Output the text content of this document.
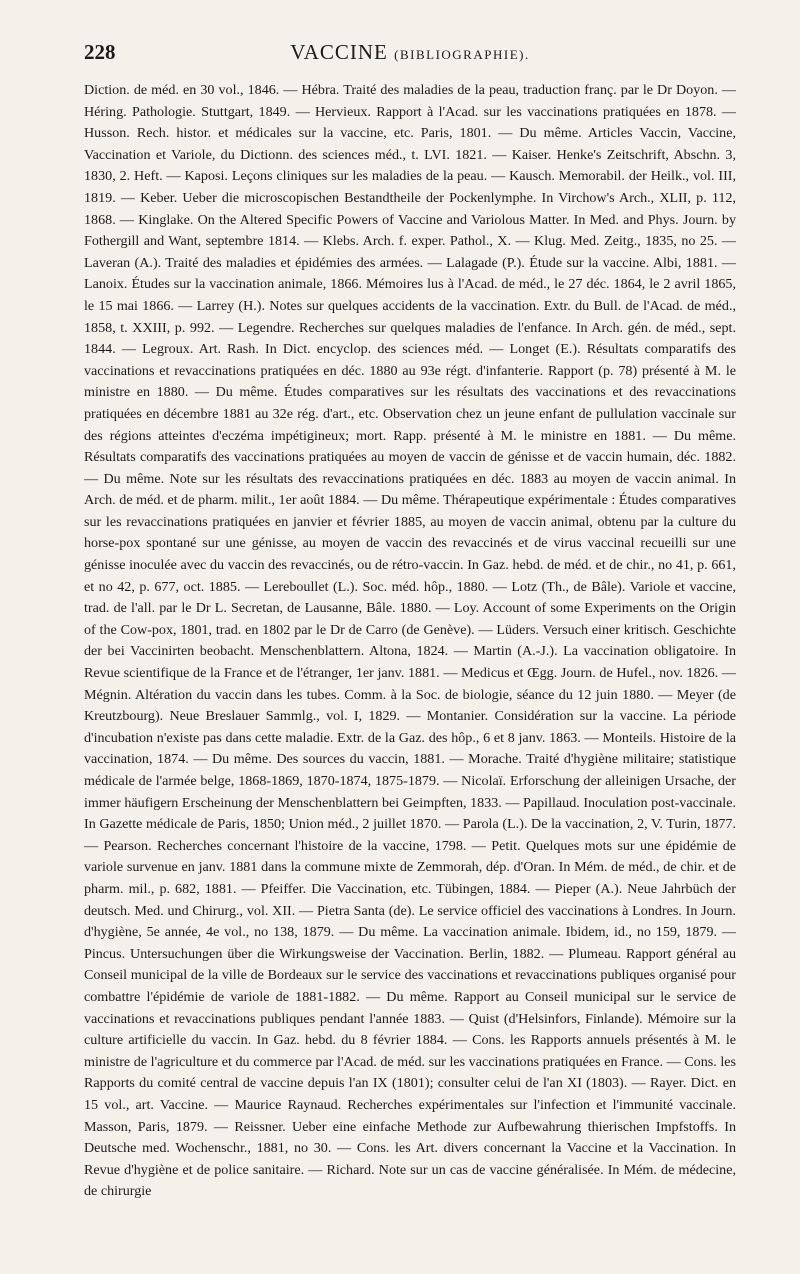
228	VACCINE (BIBLIOGRAPHIE).

Diction. de méd. en 30 vol., 1846. — Hébra. Traité des maladies de la peau, traduction franç. par le Dr Doyon. — Héring. Pathologie. Stuttgart, 1849. — Hervieux. Rapport à l'Acad. sur les vaccinations pratiquées en 1878. — Husson. Rech. histor. et médicales sur la vaccine, etc. Paris, 1801. — Du même. Articles Vaccin, Vaccine, Vaccination et Variole, du Dictionn. des sciences méd., t. LVI. 1821. — Kaiser. Henke's Zeitschrift, Abschn. 3, 1830, 2. Heft. — Kaposi. Leçons cliniques sur les maladies de la peau. — Kausch. Memorabil. der Heilk., vol. III, 1819. — Keber. Ueber die microscopischen Bestandtheile der Pockenlymphe. In Virchow's Arch., XLII, p. 112, 1868. — Kinglake. On the Altered Specific Powers of Vaccine and Variolous Matter. In Med. and Phys. Journ. by Fothergill and Want, septembre 1814. — Klebs. Arch. f. exper. Pathol., X. — Klug. Med. Zeitg., 1835, no 25. — Laveran (A.). Traité des maladies et épidémies des armées. — Lalagade (P.). Étude sur la vaccine. Albi, 1881. — Lanoix. Études sur la vaccination animale, 1866. Mémoires lus à l'Acad. de méd., le 27 déc. 1864, le 2 avril 1865, le 15 mai 1866. — Larrey (H.). Notes sur quelques accidents de la vaccination. Extr. du Bull. de l'Acad. de méd., 1858, t. XXIII, p. 992. — Legendre. Recherches sur quelques maladies de l'enfance. In Arch. gén. de méd., sept. 1844. — Legroux. Art. Rash. In Dict. encyclop. des sciences méd. — Longet (E.). Résultats comparatifs des vaccinations et revaccinations pratiquées en déc. 1880 au 93e régt. d'infanterie. Rapport (p. 78) présenté à M. le ministre en 1880. — Du même. Études comparatives sur les résultats des vaccinations et des revaccinations pratiquées en décembre 1881 au 32e rég. d'art., etc. Observation chez un jeune enfant de pullulation vaccinale sur des régions atteintes d'eczéma impétigineux; mort. Rapp. présenté à M. le ministre en 1881. — Du même. Résultats comparatifs des vaccinations pratiquées au moyen de vaccin de génisse et de vaccin humain, déc. 1882. — Du même. Note sur les résultats des revaccinations pratiquées en déc. 1883 au moyen de vaccin animal. In Arch. de méd. et de pharm. milit., 1er août 1884. — Du même. Thérapeutique expérimentale : Études comparatives sur les revaccinations pratiquées en janvier et février 1885, au moyen de vaccin animal, obtenu par la culture du horse-pox spontané sur une génisse, au moyen de vaccin des revaccinés et de virus vaccinal recueilli sur une génisse inoculée avec du vaccin des revaccinés, ou de rétro-vaccin. In Gaz. hebd. de méd. et de chir., no 41, p. 661, et no 42, p. 677, oct. 1885. — Lereboullet (L.). Soc. méd. hôp., 1880. — Lotz (Th., de Bâle). Variole et vaccine, trad. de l'all. par le Dr L. Secretan, de Lausanne, Bâle. 1880. — Loy. Account of some Experiments on the Origin of the Cow-pox, 1801, trad. en 1802 par le Dr de Carro (de Genève). — Lüders. Versuch einer kritisch. Geschichte der bei Vaccinirten beobacht. Menschenblattern. Altona, 1824. — Martin (A.-J.). La vaccination obligatoire. In Revue scientifique de la France et de l'étranger, 1er janv. 1881. — Medicus et Œgg. Journ. de Hufel., nov. 1826. — Mégnin. Altération du vaccin dans les tubes. Comm. à la Soc. de biologie, séance du 12 juin 1880. — Meyer (de Kreutzbourg). Neue Breslauer Sammlg., vol. I, 1829. — Montanier. Considération sur la vaccine. La période d'incubation n'existe pas dans cette maladie. Extr. de la Gaz. des hôp., 6 et 8 janv. 1863. — Monteils. Histoire de la vaccination, 1874. — Du même. Des sources du vaccin, 1881. — Morache. Traité d'hygiène militaire; statistique médicale de l'armée belge, 1868-1869, 1870-1874, 1875-1879. — Nicolaï. Erforschung der alleinigen Ursache, der immer häufigern Erscheinung der Menschenblattern bei Geimpften, 1833. — Papillaud. Inoculation post-vaccinale. In Gazette médicale de Paris, 1850; Union méd., 2 juillet 1870. — Parola (L.). De la vaccination, 2, V. Turin, 1877. — Pearson. Recherches concernant l'histoire de la vaccine, 1798. — Petit. Quelques mots sur une épidémie de variole survenue en janv. 1881 dans la commune mixte de Zemmorah, dép. d'Oran. In Mém. de méd., de chir. et de pharm. mil., p. 682, 1881. — Pfeiffer. Die Vaccination, etc. Tübingen, 1884. — Pieper (A.). Neue Jahrbüch der deutsch. Med. und Chirurg., vol. XII. — Pietra Santa (de). Le service officiel des vaccinations à Londres. In Journ. d'hygiène, 5e année, 4e vol., no 138, 1879. — Du même. La vaccination animale. Ibidem, id., no 159, 1879. — Pincus. Untersuchungen über die Wirkungsweise der Vaccination. Berlin, 1882. — Plumeau. Rapport général au Conseil municipal de la ville de Bordeaux sur le service des vaccinations et revaccinations publiques organisé pour combattre l'épidémie de variole de 1881-1882. — Du même. Rapport au Conseil municipal sur le service de vaccinations et revaccinations publiques pendant l'année 1883. — Quist (d'Helsinfors, Finlande). Mémoire sur la culture artificielle du vaccin. In Gaz. hebd. du 8 février 1884. — Cons. les Rapports annuels présentés à M. le ministre de l'agriculture et du commerce par l'Acad. de méd. sur les vaccinations pratiquées en France. — Cons. les Rapports du comité central de vaccine depuis l'an IX (1801); consulter celui de l'an XI (1803). — Rayer. Dict. en 15 vol., art. Vaccine. — Maurice Raynaud. Recherches expérimentales sur l'infection et l'immunité vaccinale. Masson, Paris, 1879. — Reissner. Ueber eine einfache Methode zur Aufbewahrung thierischen Impfstoffs. In Deutsche med. Wochenschr., 1881, no 30. — Cons. les Art. divers concernant la Vaccine et la Vaccination. In Revue d'hygiène et de police sanitaire. — Richard. Note sur un cas de vaccine généralisée. In Mém. de médecine, de chirurgie
